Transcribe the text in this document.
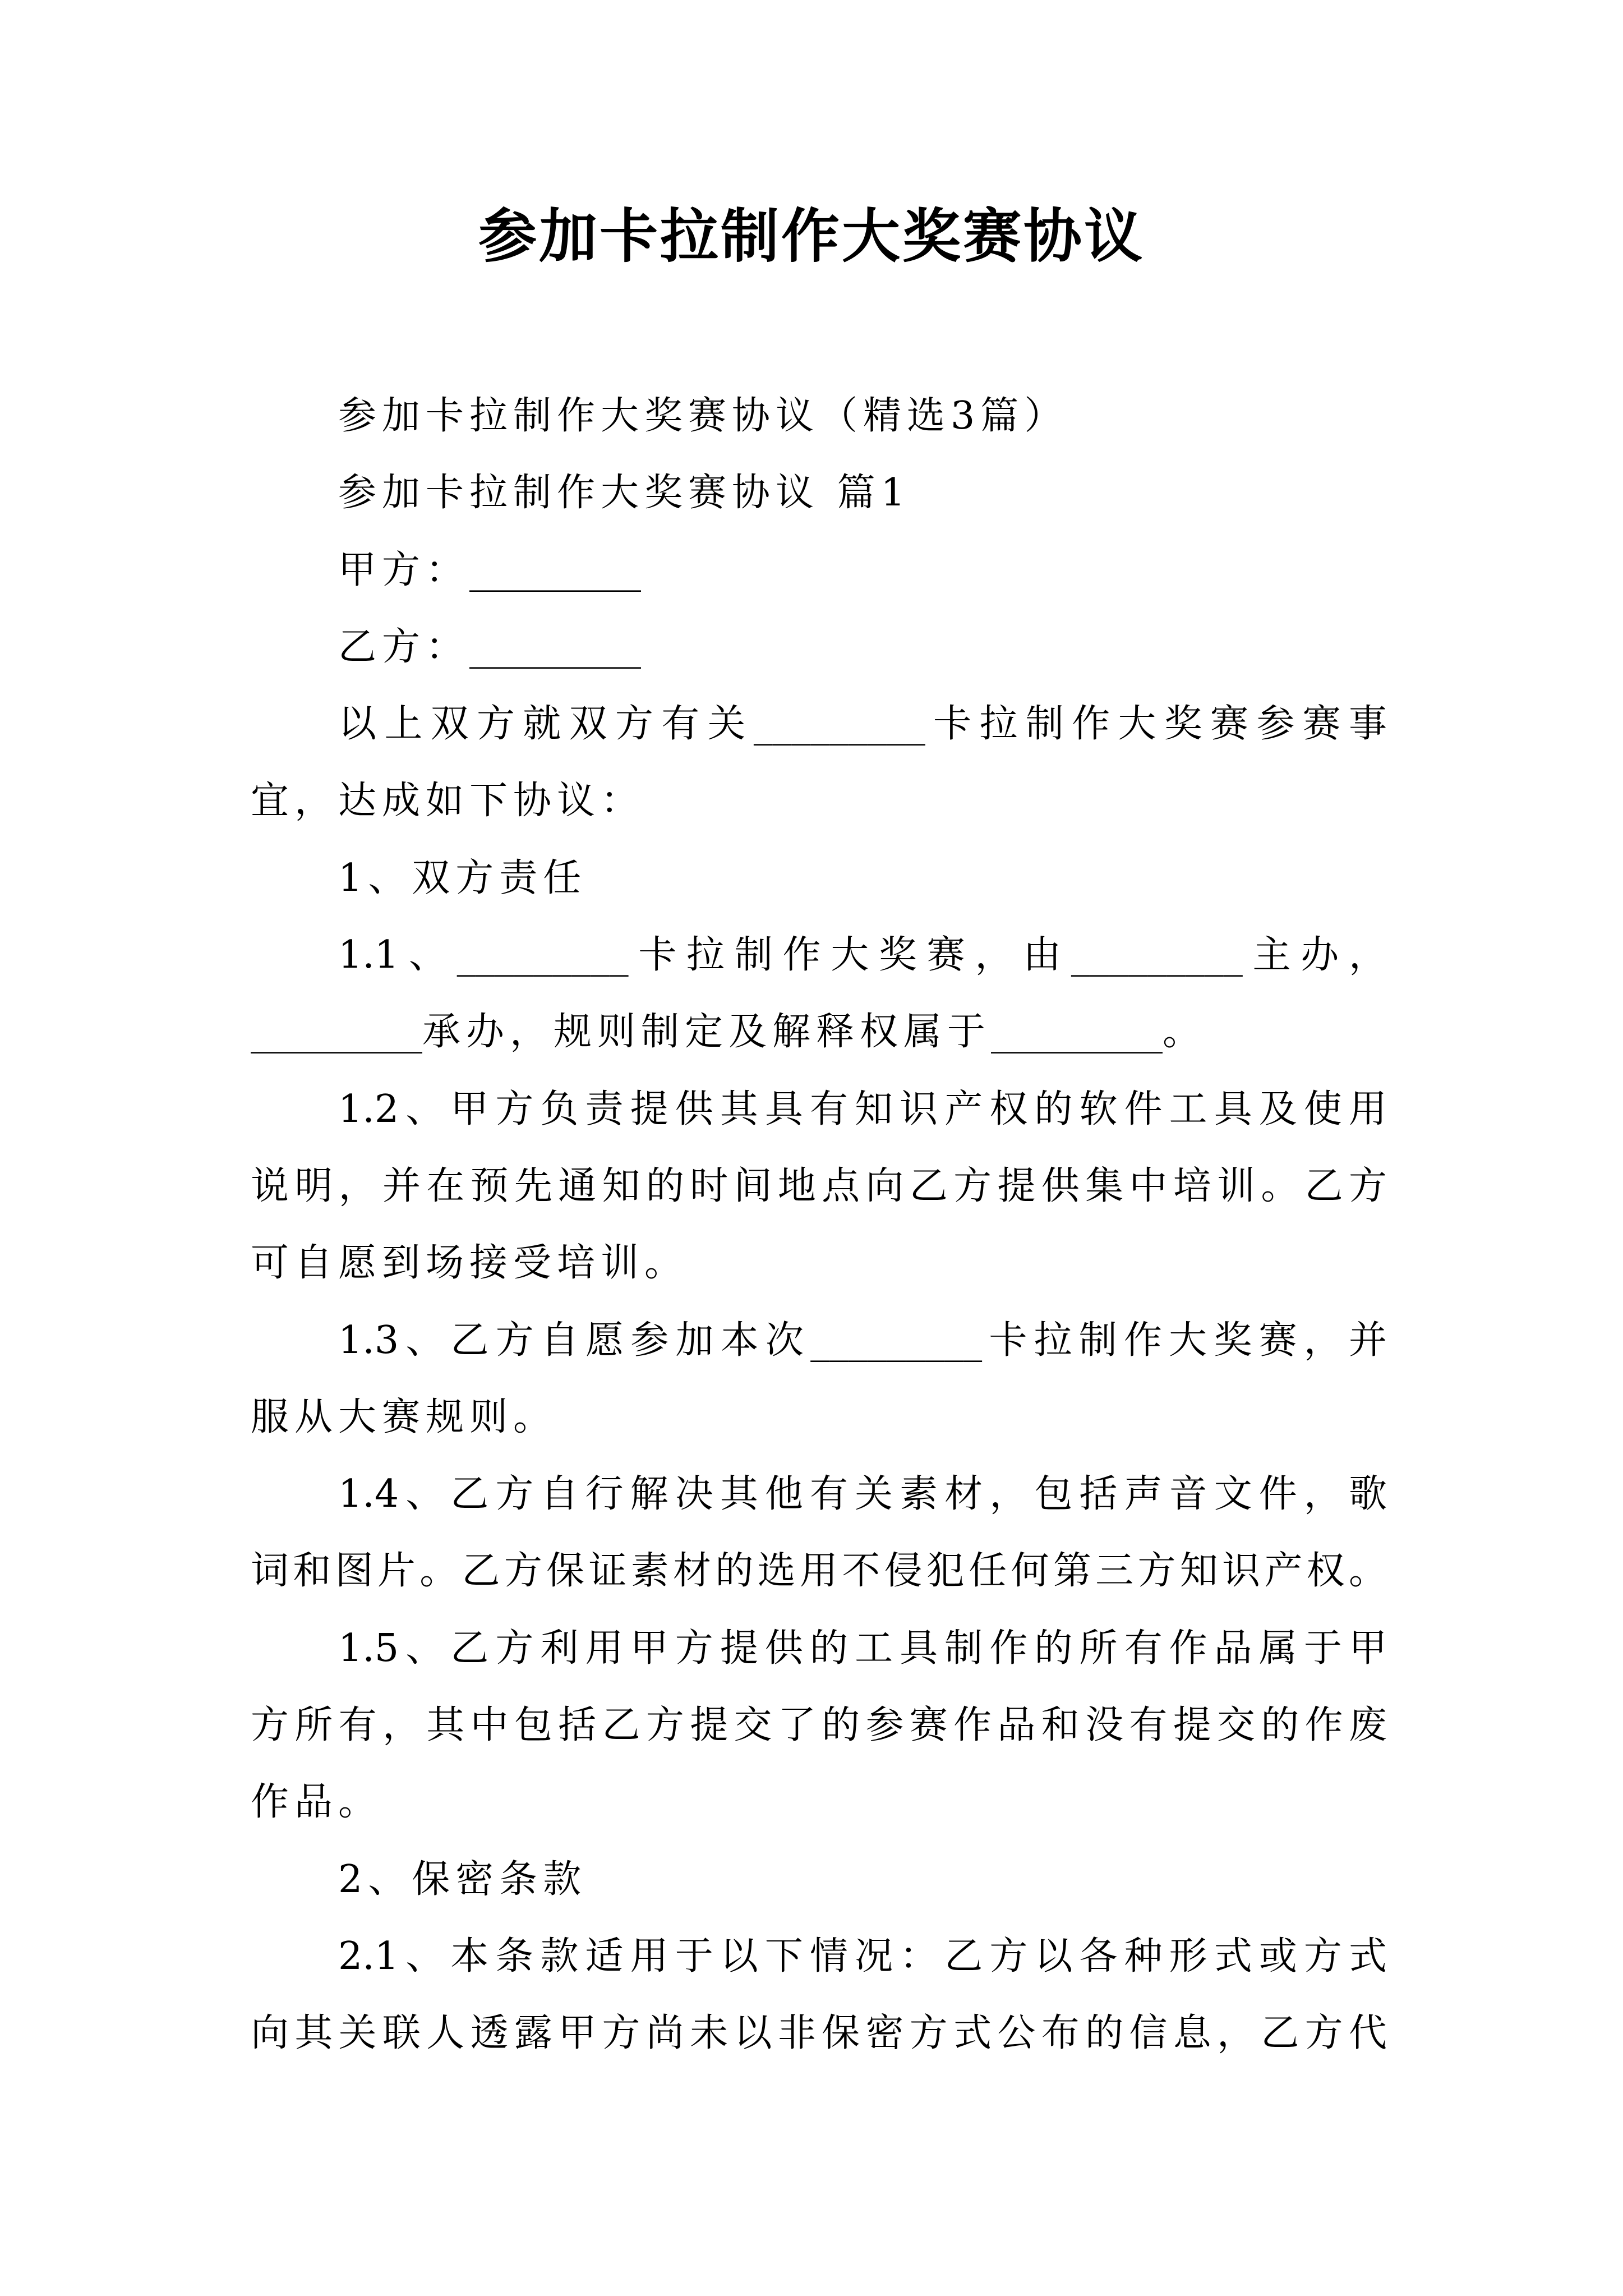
参加卡拉制作大奖赛协议
参加卡拉制作大奖赛协议（精选3篇）
参加卡拉制作大奖赛协议 篇1
甲方：_________
乙方：_________
以上双方就双方有关_________卡拉制作大奖赛参赛事
宜，达成如下协议：
1、双方责任
1.1、_________卡拉制作大奖赛，由_________主办，
_________承办，规则制定及解释权属于_________。
1.2、甲方负责提供其具有知识产权的软件工具及使用
说明，并在预先通知的时间地点向乙方提供集中培训。乙方
可自愿到场接受培训。
1.3、乙方自愿参加本次_________卡拉制作大奖赛，并
服从大赛规则。
1.4、乙方自行解决其他有关素材，包括声音文件，歌
词和图片。乙方保证素材的选用不侵犯任何第三方知识产权。
1.5、乙方利用甲方提供的工具制作的所有作品属于甲
方所有，其中包括乙方提交了的参赛作品和没有提交的作废
作品。
2、保密条款
2.1、本条款适用于以下情况：乙方以各种形式或方式
向其关联人透露甲方尚未以非保密方式公布的信息，乙方代
